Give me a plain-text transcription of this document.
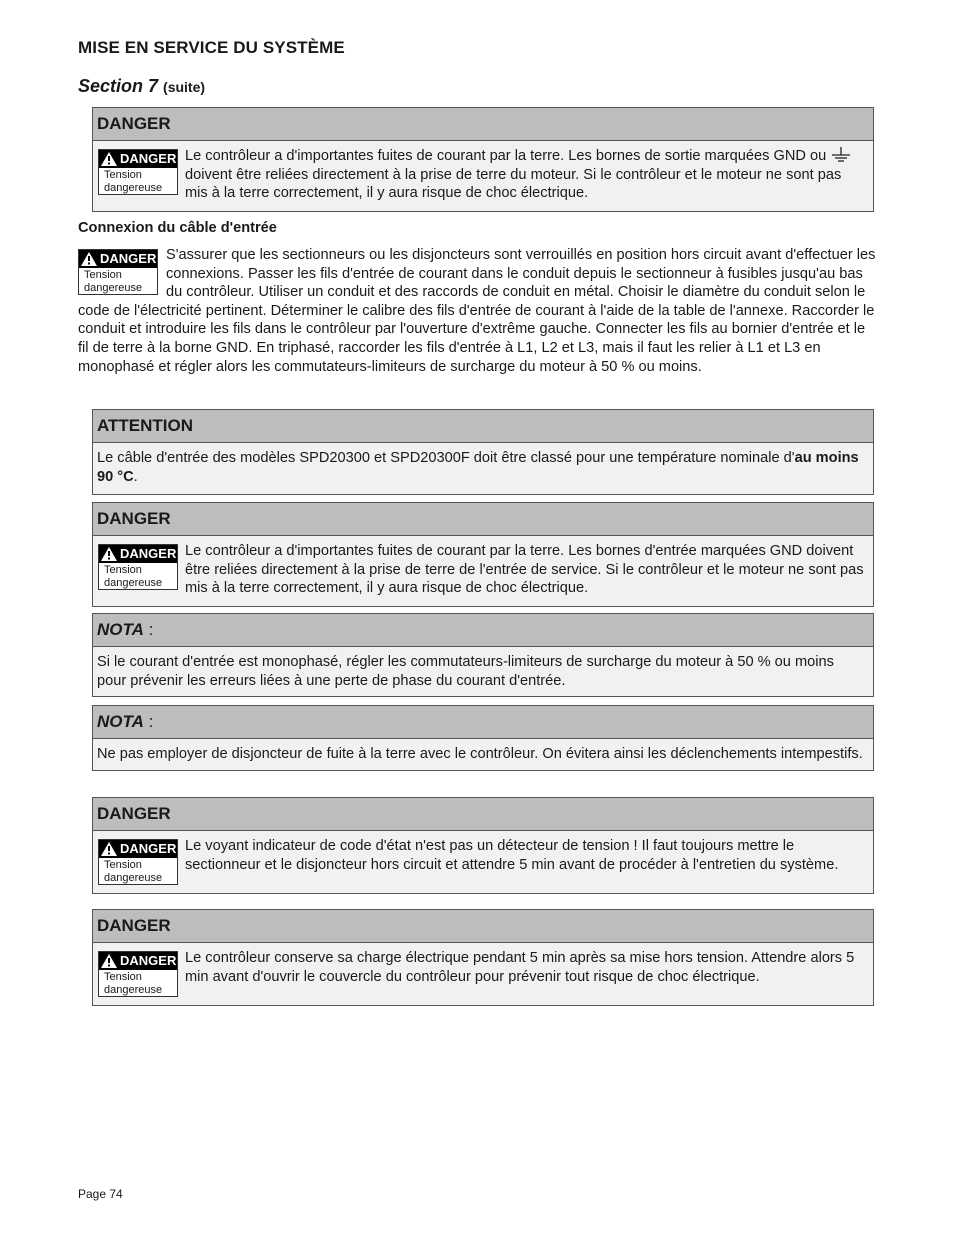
MISE EN SERVICE DU SYSTÈME
Section 7 (suite)
DANGER
DANGER
Tension
dangereuse
Le contrôleur a d'importantes fuites de courant par la terre. Les bornes de sortie marquées GND oudoivent être reliées directement à la prise de terre du moteur. Si le contrôleur et le moteur ne sont pas mis à la terre correctement, il y aura risque de choc électrique.
Connexion du câble d'entrée
DANGER
Tension
dangereuse
S'assurer que les sectionneurs ou les disjoncteurs sont verrouillés en position hors circuit avant d'effectuer les connexions. Passer les fils d'entrée de courant dans le conduit depuis le sectionneur à fusibles jusqu'au bas du contrôleur. Utiliser un conduit et des raccords de conduit en métal. Choisir le diamètre du conduit selon le code de l'électricité pertinent. Déterminer le calibre des fils d'entrée de courant à l'aide de la table de l'annexe. Raccorder le conduit et introduire les fils dans le contrôleur par l'ouverture d'extrême gauche. Connecter les fils au bornier d'entrée et le fil de terre à la borne GND. En triphasé, raccorder les fils d'entrée à L1, L2 et L3, mais il faut les relier à L1 et L3 en monophasé et régler alors les commutateurs-limiteurs de surcharge du moteur à 50 % ou moins.
ATTENTION
Le câble d'entrée des modèles SPD20300 et SPD20300F doit être classé pour une température nominale d'au moins 90 °C.
DANGER
DANGER
Tension
dangereuse
Le contrôleur a d'importantes fuites de courant par la terre. Les bornes d'entrée marquées GND doivent être reliées directement à la prise de terre de l'entrée de service. Si le contrôleur et le moteur ne sont pas mis à la terre correctement, il y aura risque de choc électrique.
NOTA :
Si le courant d'entrée est monophasé, régler les commutateurs-limiteurs de surcharge du moteur à 50 % ou moins pour prévenir les erreurs liées à une perte de phase du courant d'entrée.
NOTA :
Ne pas employer de disjoncteur de fuite à la terre avec le contrôleur. On évitera ainsi les déclenchements intempestifs.
DANGER
DANGER
Tension
dangereuse
Le voyant indicateur de code d'état n'est pas un détecteur de tension ! Il faut toujours mettre le sectionneur et le disjoncteur hors circuit et attendre 5 min avant de procéder à l'entretien du système.
DANGER
DANGER
Tension
dangereuse
Le contrôleur conserve sa charge électrique pendant 5 min après sa mise hors tension. Attendre alors 5 min avant d'ouvrir le couvercle du contrôleur pour prévenir tout risque de choc électrique.
Page 74
